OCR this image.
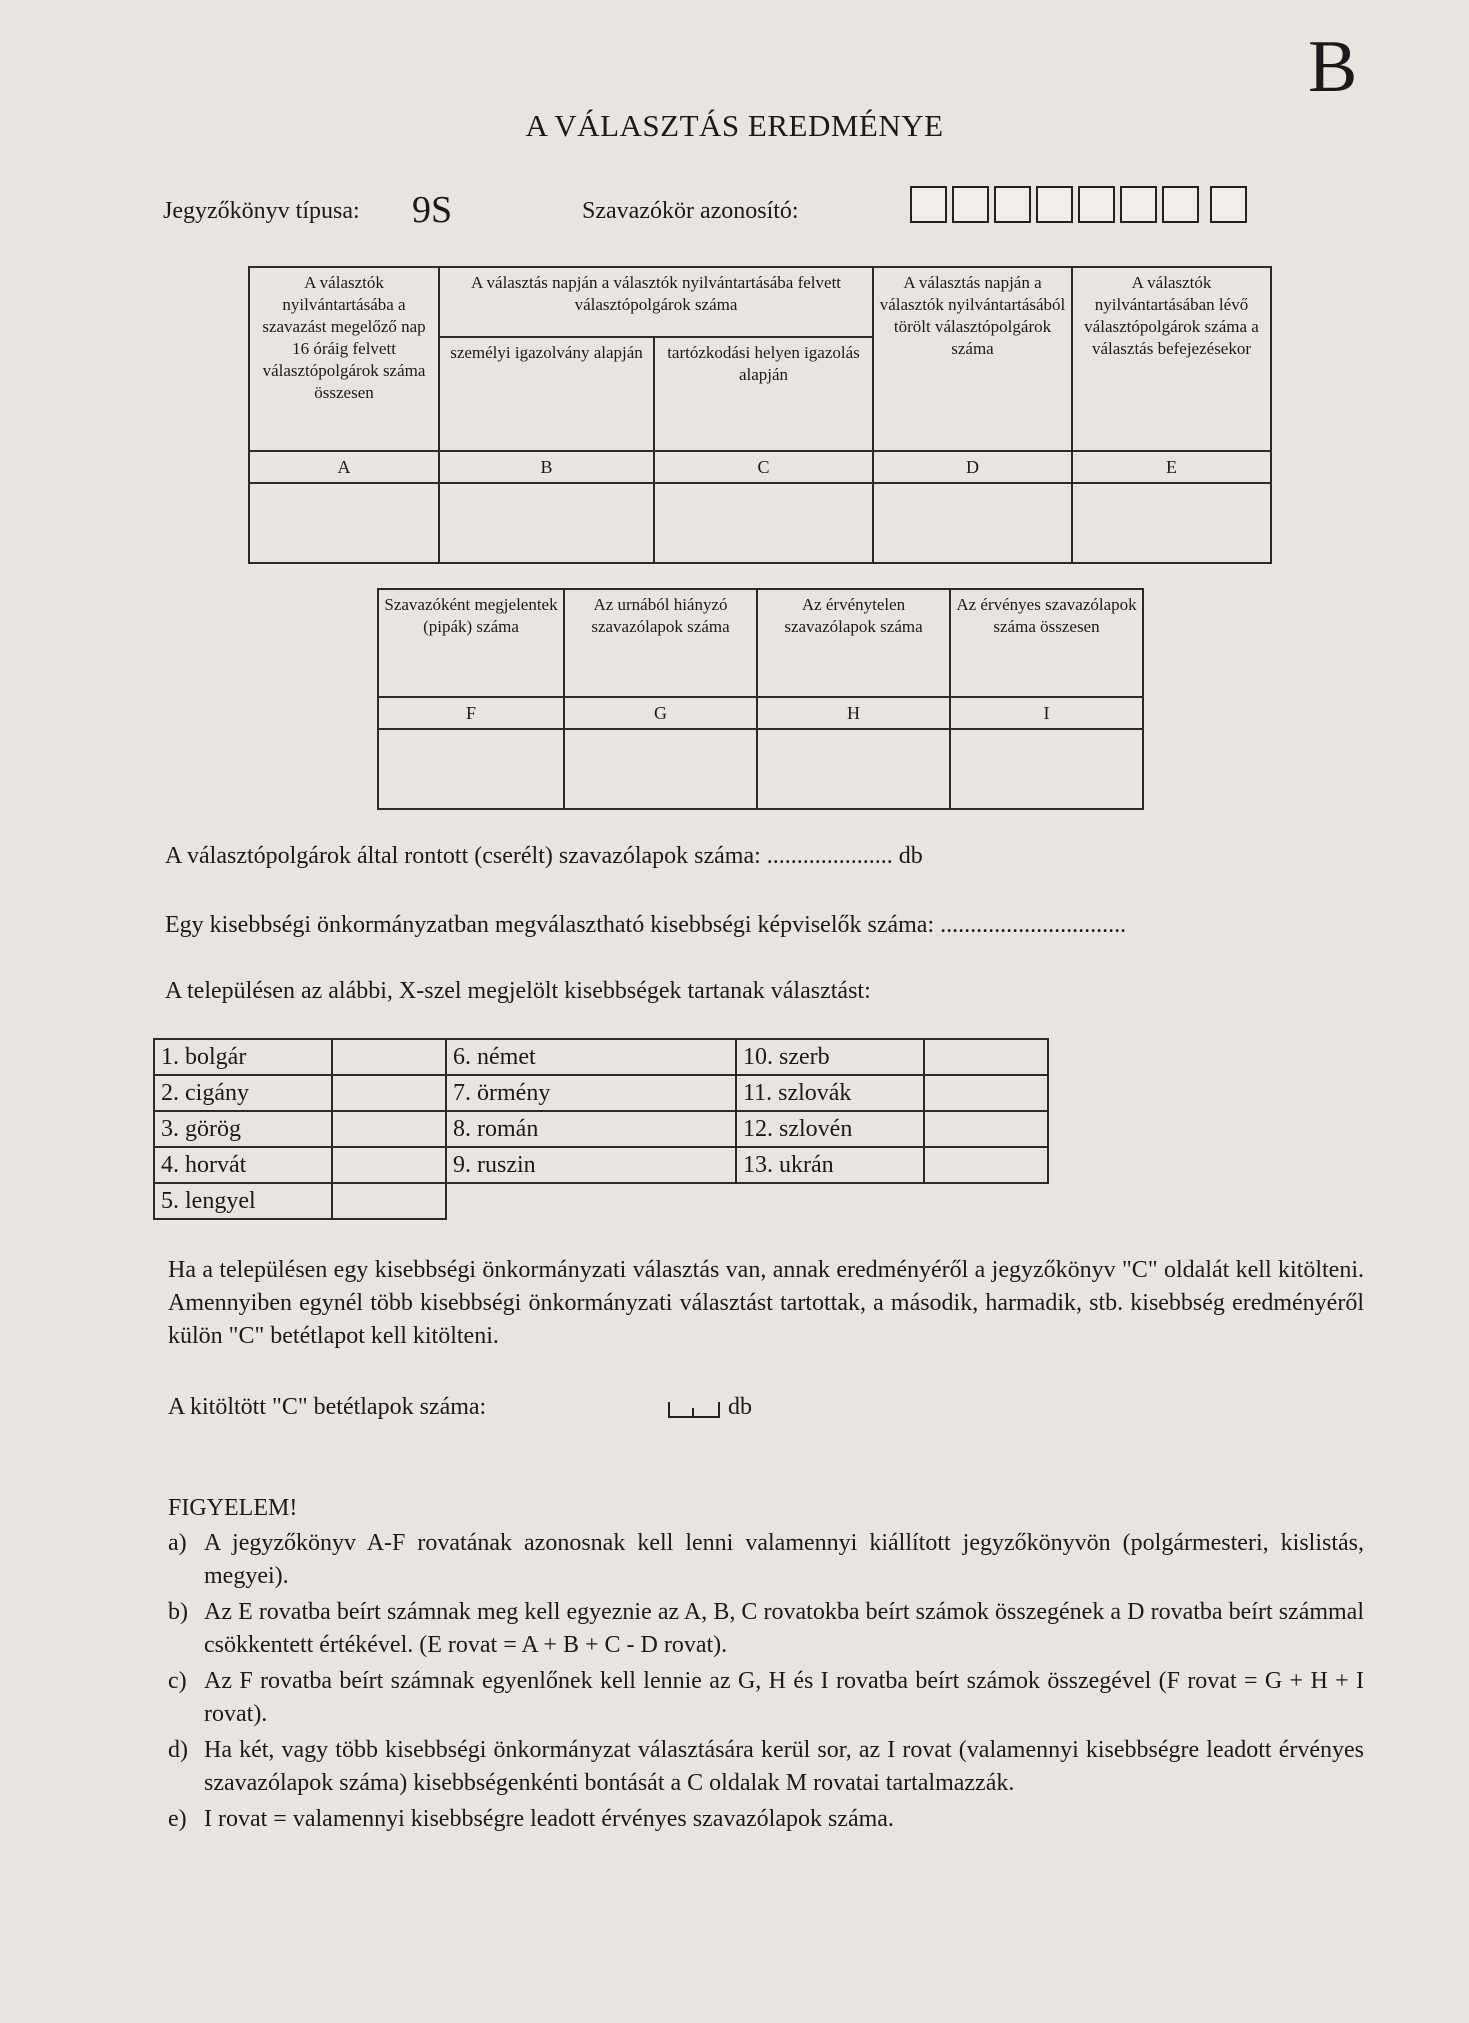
B
A VÁLASZTÁS EREDMÉNYE
Jegyzőkönyv típusa: 9S	Szavazókör azonosító:
A választók nyilvántartásába a szavazást megelőző nap 16 óráig felvett választópolgárok száma összesen	A választás napján a választók nyilvántartásába felvett választópolgárok száma		A választás napján a választók nyilvántartásából törölt választópolgárok száma	A választók nyilvántartásában lévő választópolgárok száma a választás befejezésekor
	személyi igazolvány alapján	tartózkodási helyen igazolás alapján		
A	B	C	D	E

Szavazóként megjelentek (pipák) száma	Az urnából hiányzó szavazólapok száma	Az érvénytelen szavazólapok száma	Az érvényes szavazólapok száma összesen
F	G	H	I

A választópolgárok által rontott (cserélt) szavazólapok száma: ..................... db
Egy kisebbségi önkormányzatban megválasztható kisebbségi képviselők száma: ...............................
A településen az alábbi, X-szel megjelölt kisebbségek tartanak választást:
1. bolgár		6. német	10. szerb	
2. cigány		7. örmény	11. szlovák	
3. görög		8. román	12. szlovén	
4. horvát		9. ruszin	13. ukrán	
5. lengyel				
Ha a településen egy kisebbségi önkormányzati választás van, annak eredményéről a jegyzőkönyv "C" oldalát kell kitölteni. Amennyiben egynél több kisebbségi önkormányzati választást tartottak, a második, harmadik, stb. kisebbség eredményéről külön "C" betétlapot kell kitölteni.
A kitöltött "C" betétlapok száma:	db
FIGYELEM!
a) A jegyzőkönyv A-F rovatának azonosnak kell lenni valamennyi kiállított jegyzőkönyvön (polgármesteri, kislistás, megyei).
b) Az E rovatba beírt számnak meg kell egyeznie az A, B, C rovatokba beírt számok összegének a D rovatba beírt számmal csökkentett értékével. (E rovat = A + B + C - D rovat).
c) Az F rovatba beírt számnak egyenlőnek kell lennie az G, H és I rovatba beírt számok összegével (F rovat = G + H + I rovat).
d) Ha két, vagy több kisebbségi önkormányzat választására kerül sor, az I rovat (valamennyi kisebbségre leadott érvényes szavazólapok száma) kisebbségenkénti bontását a C oldalak M rovatai tartalmazzák.
e) I rovat = valamennyi kisebbségre leadott érvényes szavazólapok száma.
